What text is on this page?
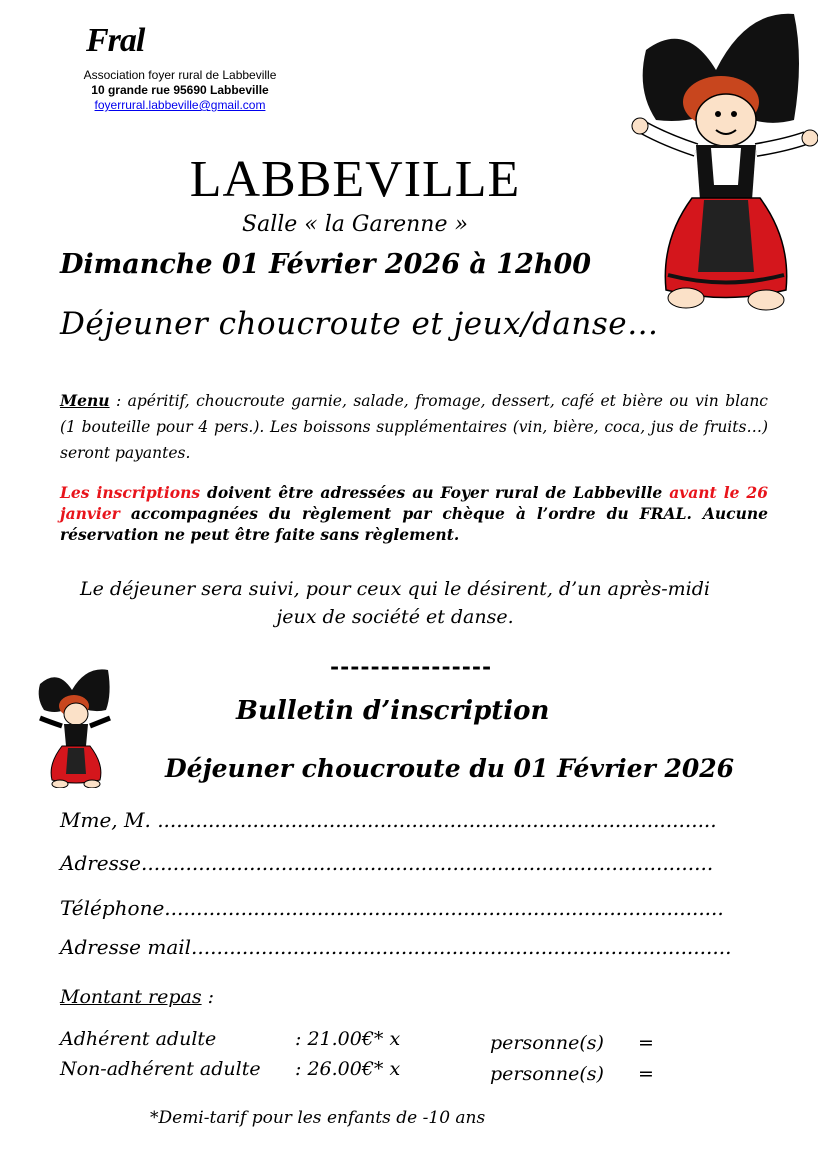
Fral
Association foyer rural de Labbeville
10 grande rue 95690 Labbeville
foyerrural.labbeville@gmail.com
LABBEVILLE
Salle « la Garenne »
Dimanche 01 Février 2026 à 12h00
Déjeuner choucroute et jeux/danse…
Menu : apéritif, choucroute garnie, salade, fromage, dessert, café et bière ou vin blanc (1 bouteille pour 4 pers.). Les boissons supplémentaires (vin, bière, coca, jus de fruits…) seront payantes.
Les inscriptions doivent être adressées au Foyer rural de Labbeville avant le 26 janvier accompagnées du règlement par chèque à l’ordre du FRAL. Aucune réservation ne peut être faite sans règlement.
Le déjeuner sera suivi, pour ceux qui le désirent, d’un après-midi
jeux de société et danse.
----------------
Bulletin d’inscription
Déjeuner choucroute du 01 Février 2026
Mme, M. ........................................................................................
Adresse..........................................................................................
Téléphone........................................................................................
Adresse mail.....................................................................................
Montant repas :
Adhérent adulte	: 21.00€* x	personne(s) =
Non-adhérent adulte : 26.00€* x	personne(s) =
*Demi-tarif pour les enfants de -10 ans
